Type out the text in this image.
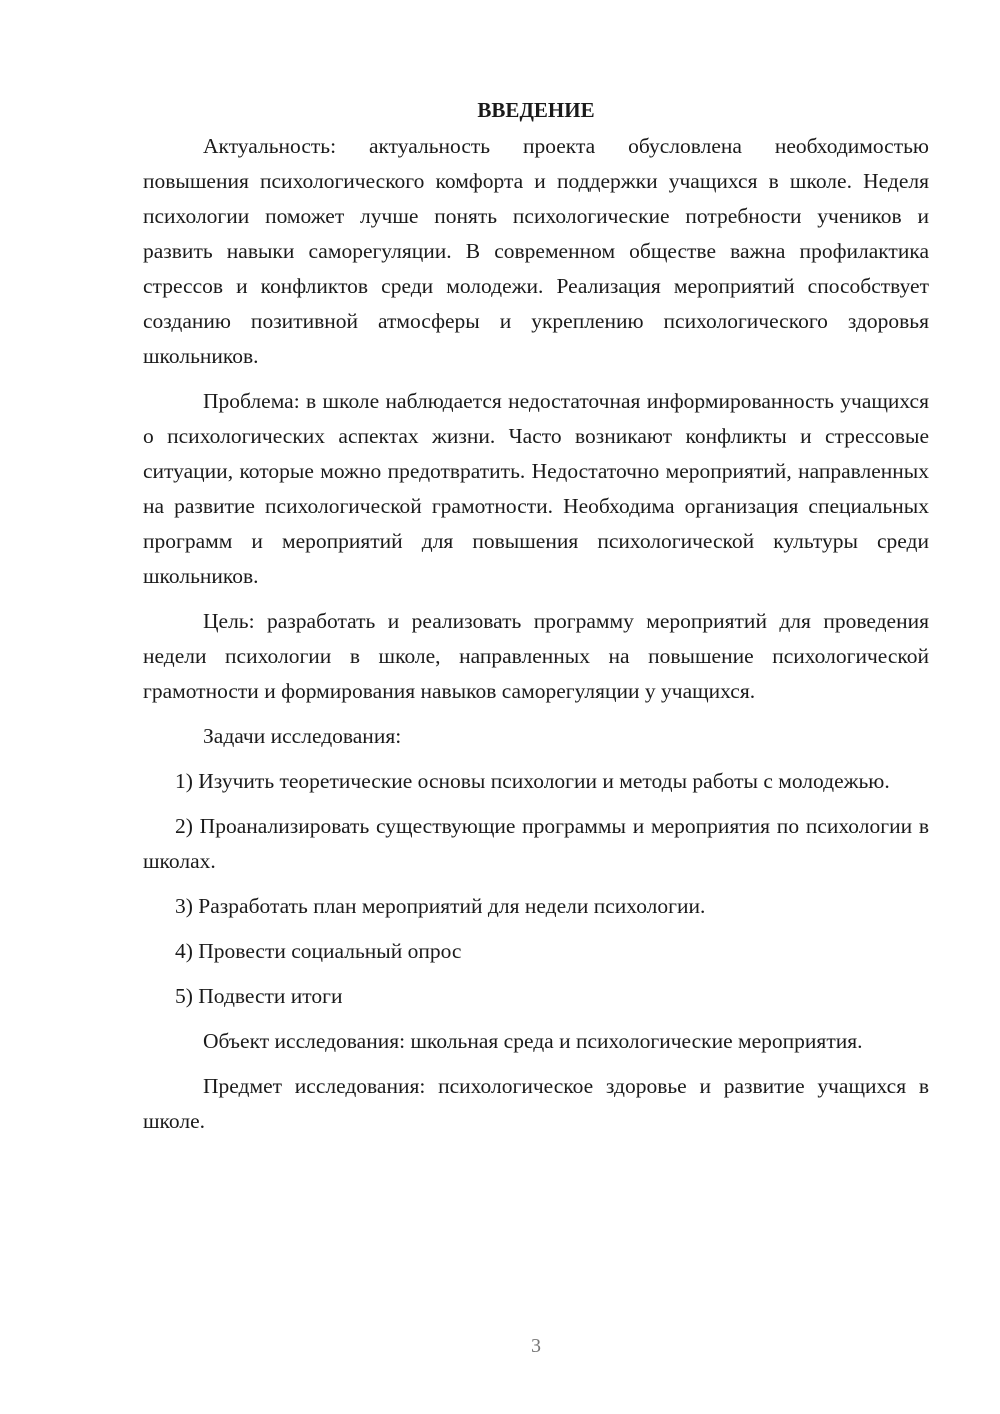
ВВЕДЕНИЕ

Актуальность: актуальность проекта обусловлена необходимостью повышения психологического комфорта и поддержки учащихся в школе. Неделя психологии поможет лучше понять психологические потребности учеников и развить навыки саморегуляции. В современном обществе важна профилактика стрессов и конфликтов среди молодежи. Реализация мероприятий способствует созданию позитивной атмосферы и укреплению психологического здоровья школьников.

Проблема: в школе наблюдается недостаточная информированность учащихся о психологических аспектах жизни. Часто возникают конфликты и стрессовые ситуации, которые можно предотвратить. Недостаточно мероприятий, направленных на развитие психологической грамотности. Необходима организация специальных программ и мероприятий для повышения психологической культуры среди школьников.

Цель: разработать и реализовать программу мероприятий для проведения недели психологии в школе, направленных на повышение психологической грамотности и формирования навыков саморегуляции у учащихся.

Задачи исследования:

1) Изучить теоретические основы психологии и методы работы с молодежью.

2) Проанализировать существующие программы и мероприятия по психологии в школах.

3) Разработать план мероприятий для недели психологии.

4) Провести социальный опрос

5) Подвести итоги

Объект исследования: школьная среда и психологические мероприятия.

Предмет исследования: психологическое здоровье и развитие учащихся в школе.

3
